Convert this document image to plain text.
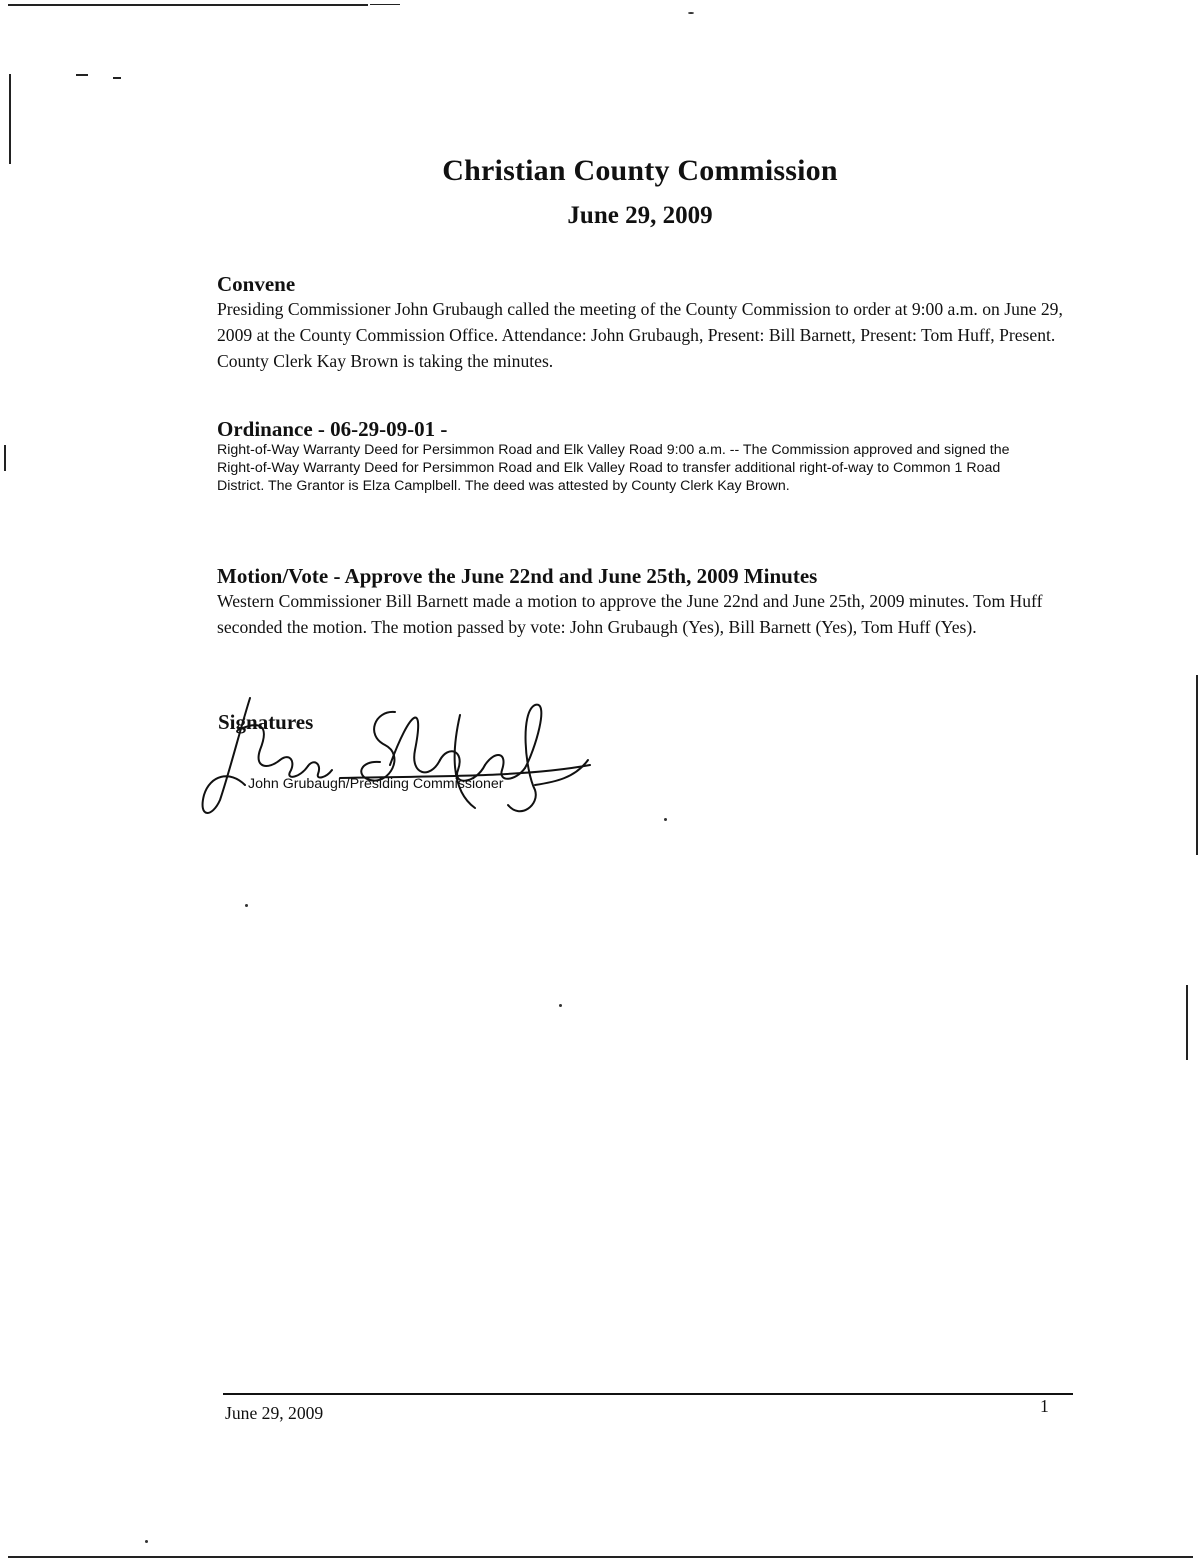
Christian County Commission
June 29, 2009
Convene

Presiding Commissioner John Grubaugh called the meeting of the County Commission to order at 9:00 a.m. on June 29, 2009 at the County Commission Office. Attendance: John Grubaugh, Present: Bill Barnett, Present: Tom Huff, Present. County Clerk Kay Brown is taking the minutes.

Ordinance - 06-29-09-01 -

Right-of-Way Warranty Deed for Persimmon Road and Elk Valley Road 9:00 a.m. -- The Commission approved and signed the Right-of-Way Warranty Deed for Persimmon Road and Elk Valley Road to transfer additional right-of-way to Common 1 Road District. The Grantor is Elza Camplbell. The deed was attested by County Clerk Kay Brown.

Motion/Vote - Approve the June 22nd and June 25th, 2009 Minutes

Western Commissioner Bill Barnett made a motion to approve the June 22nd and June 25th, 2009 minutes. Tom Huff seconded the motion. The motion passed by vote: John Grubaugh (Yes), Bill Barnett (Yes), Tom Huff (Yes).

Signatures
John Grubaugh/Presiding Commissioner
June 29, 2009	1
